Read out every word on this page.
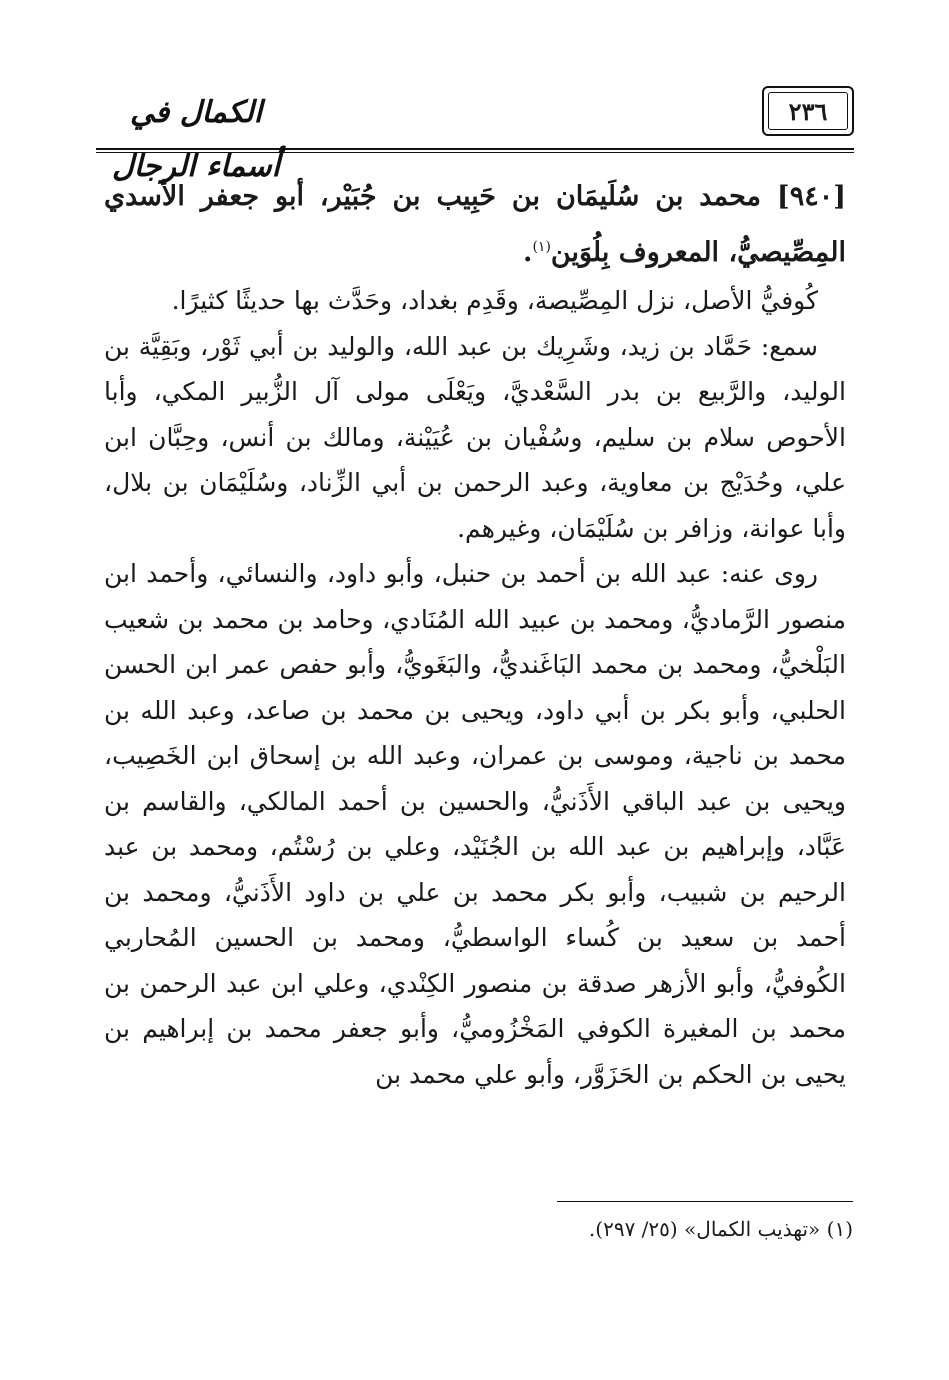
الكمال في أسماء الرجال
٢٣٦

[٩٤٠] محمد بن سُلَيمَان بن حَبِيب بن جُبَيْر، أبو جعفر الأسدي المِصِّيصيُّ، المعروف بِلُوَين$^{(١)}$.

كُوفيُّ الأصل، نزل المِصِّيصة، وقَدِم بغداد، وحَدَّث بها حديثًا كثيرًا.

سمع: حَمَّاد بن زيد، وشَرِيك بن عبد الله، والوليد بن أبي ثَوْر، وبَقِيَّة بن الوليد، والرَّبيع بن بدر السَّعْديَّ، ويَعْلَى مولى آل الزُّبير المكي، وأبا الأحوص سلام بن سليم، وسُفْيان بن عُيَيْنة، ومالك بن أنس، وحِبَّان ابن علي، وحُدَيْج بن معاوية، وعبد الرحمن بن أبي الزِّناد، وسُلَيْمَان بن بلال، وأبا عوانة، وزافر بن سُلَيْمَان، وغيرهم.

روى عنه: عبد الله بن أحمد بن حنبل، وأبو داود، والنسائي، وأحمد ابن منصور الرَّماديُّ، ومحمد بن عبيد الله المُنَادي، وحامد بن محمد بن شعيب البَلْخيُّ، ومحمد بن محمد البَاغَنديُّ، والبَغَويُّ، وأبو حفص عمر ابن الحسن الحلبي، وأبو بكر بن أبي داود، ويحيى بن محمد بن صاعد، وعبد الله بن محمد بن ناجية، وموسى بن عمران، وعبد الله بن إسحاق ابن الخَصِيب، ويحيى بن عبد الباقي الأَذَنيُّ، والحسين بن أحمد المالكي، والقاسم بن عَبَّاد، وإبراهيم بن عبد الله بن الجُنَيْد، وعلي بن رُسْتُم، ومحمد بن عبد الرحيم بن شبيب، وأبو بكر محمد بن علي بن داود الأَذَنيُّ، ومحمد بن أحمد بن سعيد بن كُساء الواسطيُّ، ومحمد بن الحسين المُحاربي الكُوفيُّ، وأبو الأزهر صدقة بن منصور الكِنْدي، وعلي ابن عبد الرحمن بن محمد بن المغيرة الكوفي المَخْزُوميُّ، وأبو جعفر محمد بن إبراهيم بن يحيى بن الحكم بن الحَزَوَّر، وأبو علي محمد بن

(١) «تهذيب الكمال» (٢٥/ ٢٩٧).
